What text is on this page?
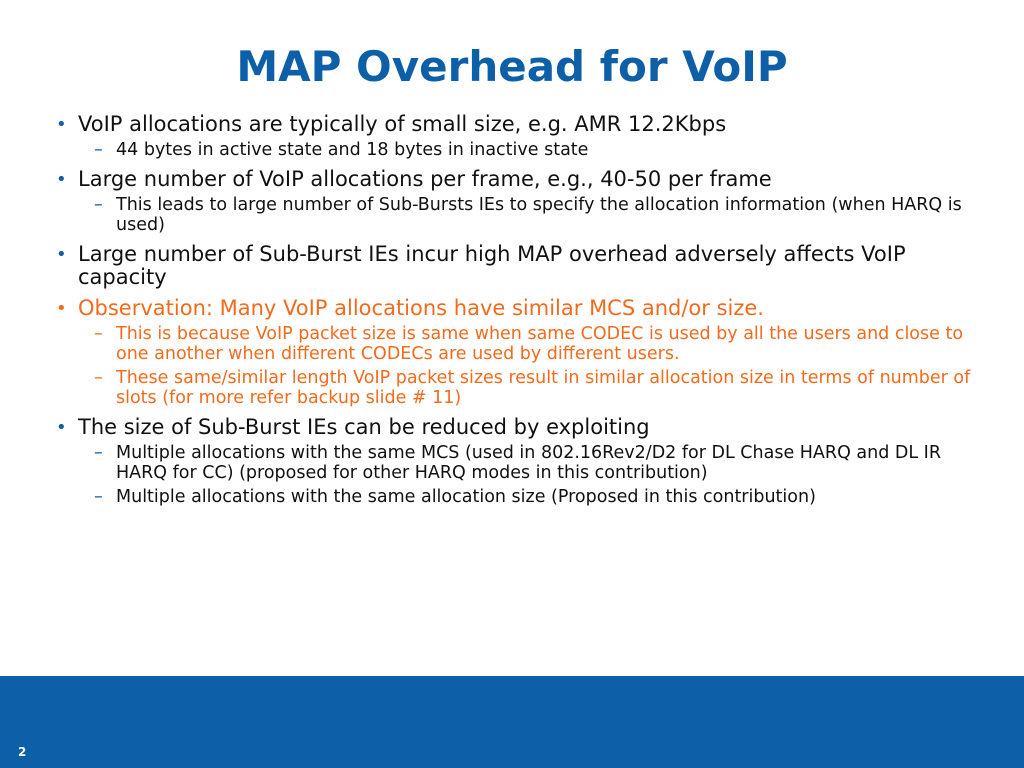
MAP Overhead for VoIP
• VoIP allocations are typically of small size, e.g. AMR 12.2Kbps
– 44 bytes in active state and 18 bytes in inactive state
• Large number of VoIP allocations per frame, e.g., 40-50 per frame
– This leads to large number of Sub-Bursts IEs to specify the allocation information (when HARQ is used)
• Large number of Sub-Burst IEs incur high MAP overhead adversely affects VoIP capacity
• Observation: Many VoIP allocations have similar MCS and/or size.
– This is because VoIP packet size is same when same CODEC is used by all the users and close to one another when different CODECs are used by different users.
– These same/similar length VoIP packet sizes result in similar allocation size in terms of number of slots (for more refer backup slide # 11)
• The size of Sub-Burst IEs can be reduced by exploiting
– Multiple allocations with the same MCS (used in 802.16Rev2/D2 for DL Chase HARQ and DL IR HARQ for CC) (proposed for other HARQ modes in this contribution)
– Multiple allocations with the same allocation size (Proposed in this contribution)
2
